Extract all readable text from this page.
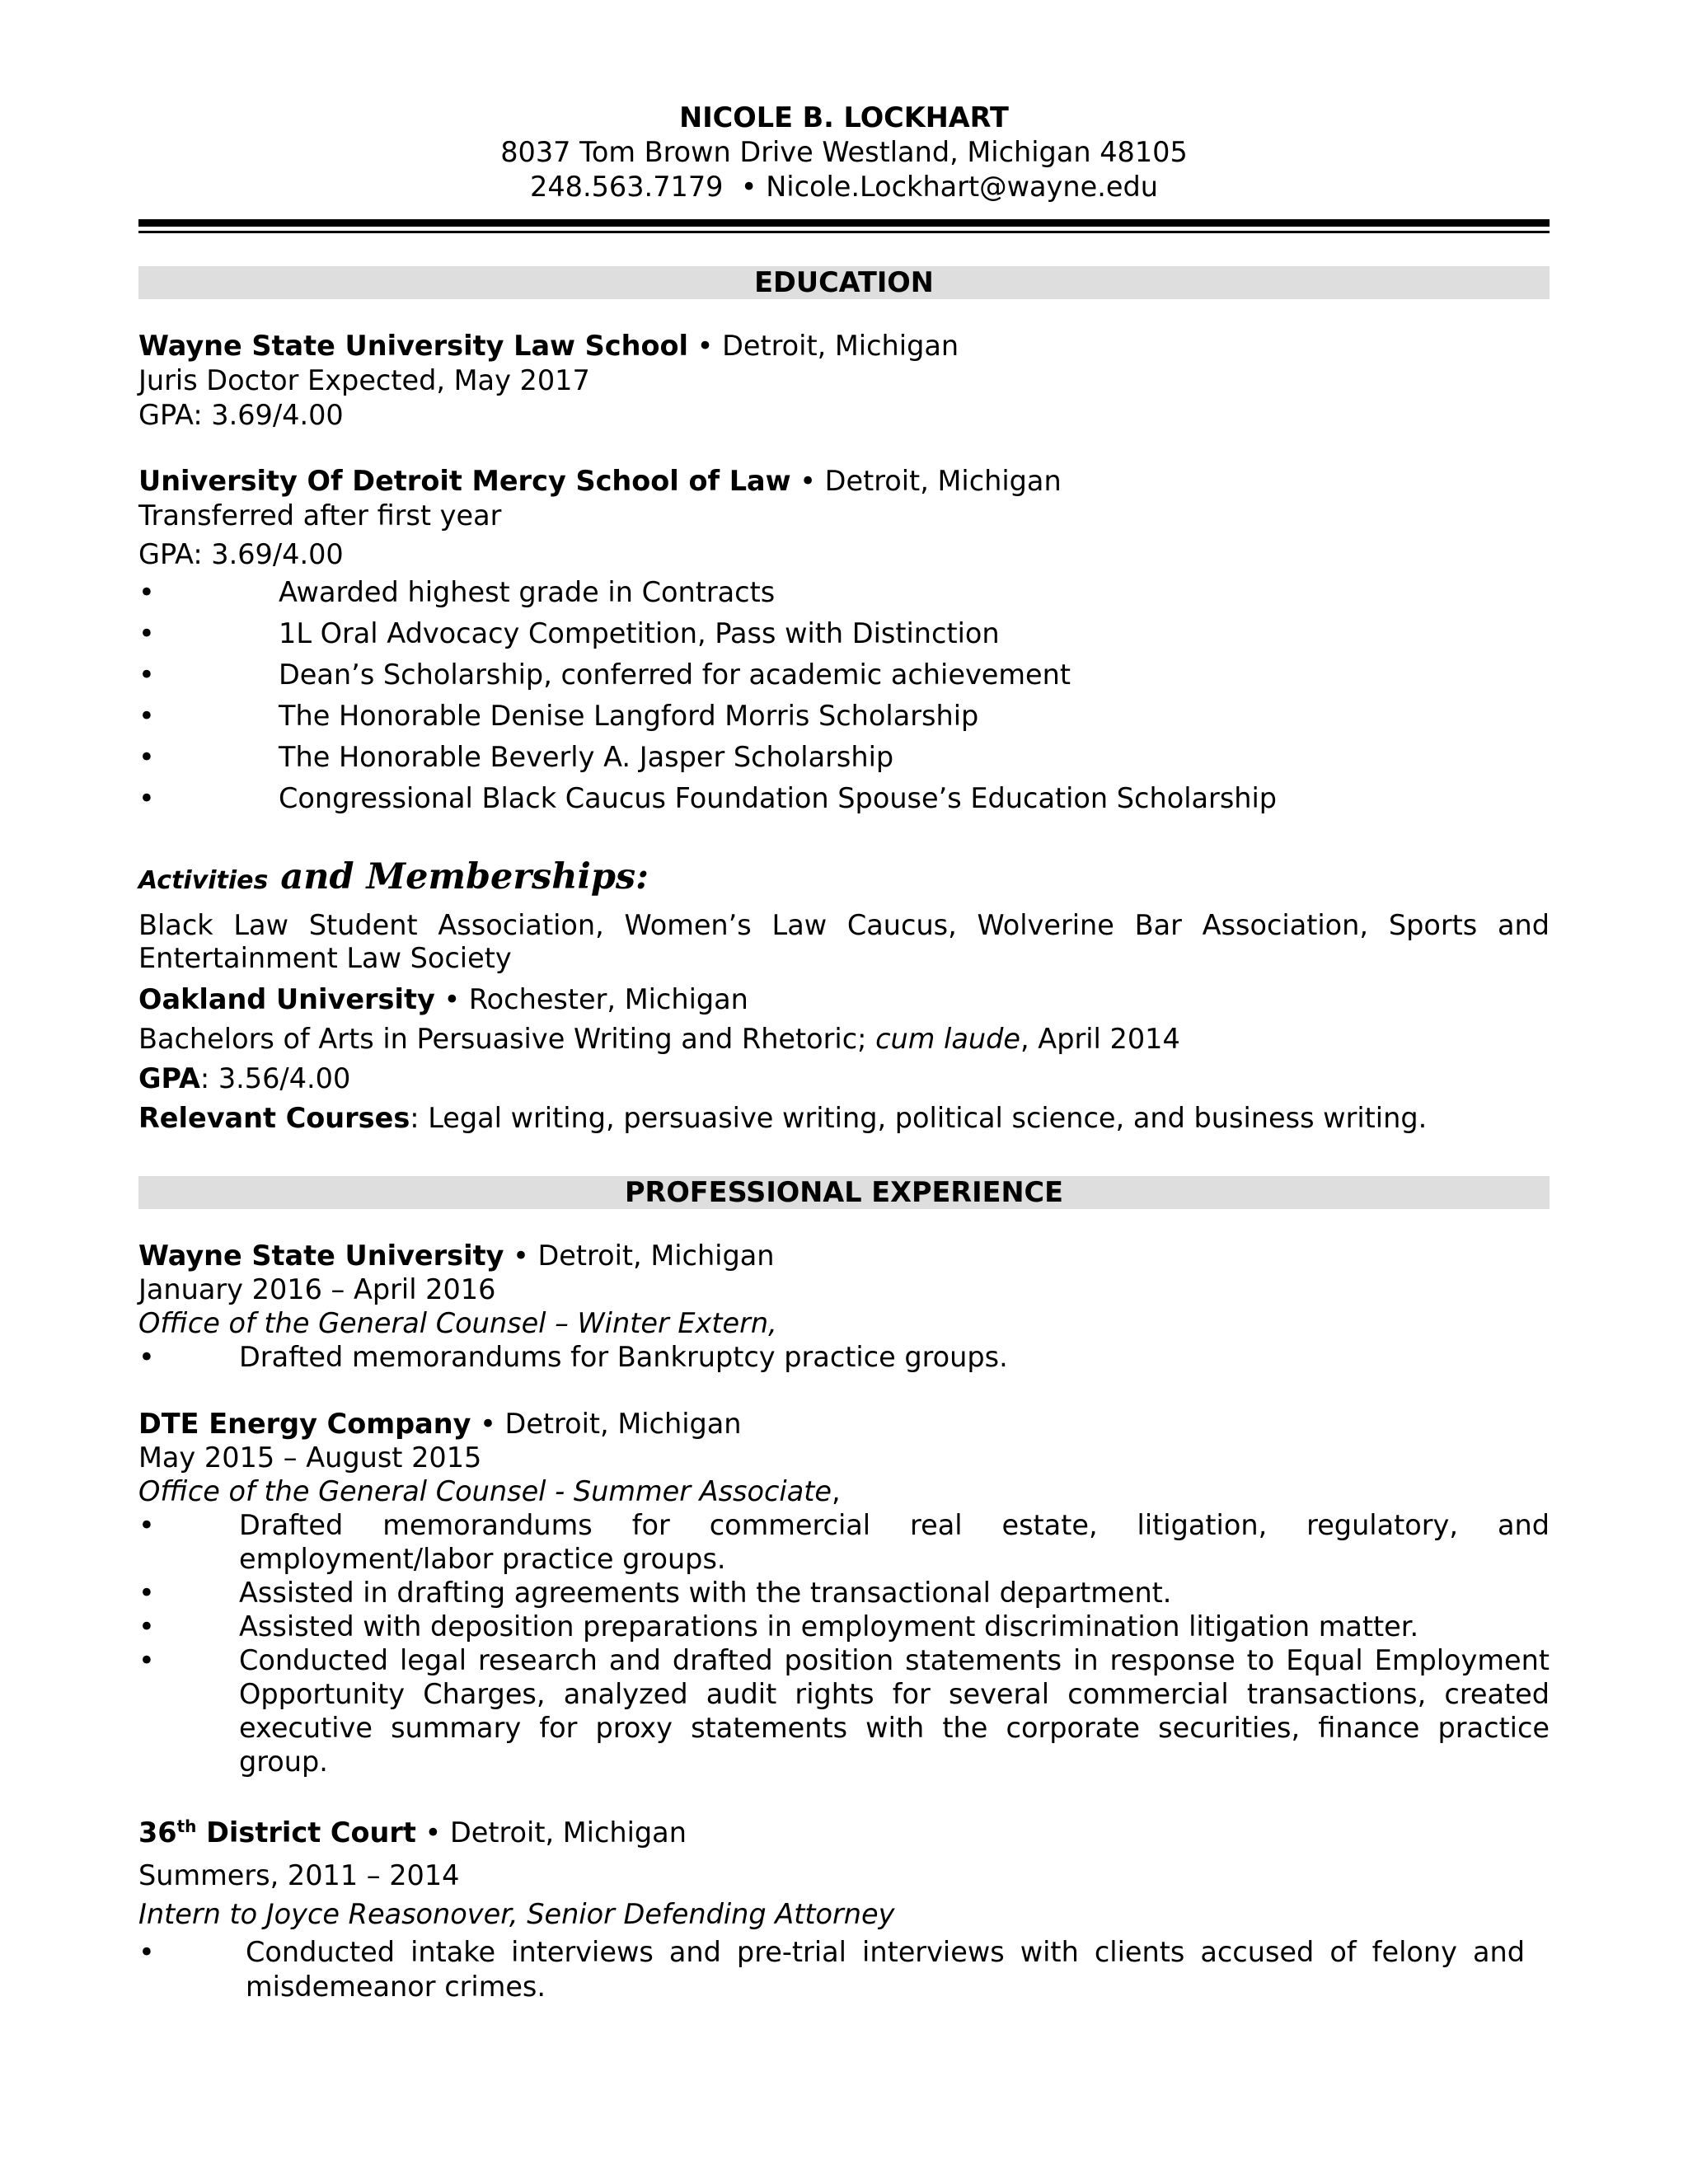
NICOLE B. LOCKHART
8037 Tom Brown Drive Westland, Michigan 48105
248.563.7179 • Nicole.Lockhart@wayne.edu
EDUCATION
Wayne State University Law School • Detroit, Michigan
Juris Doctor Expected, May 2017
GPA: 3.69/4.00
University Of Detroit Mercy School of Law • Detroit, Michigan
Transferred after first year
GPA: 3.69/4.00
•	Awarded highest grade in Contracts
•	1L Oral Advocacy Competition, Pass with Distinction
•	Dean’s Scholarship, conferred for academic achievement
•	The Honorable Denise Langford Morris Scholarship
•	The Honorable Beverly A. Jasper Scholarship
•	Congressional Black Caucus Foundation Spouse’s Education Scholarship
Activities and Memberships:
Black Law Student Association, Women’s Law Caucus, Wolverine Bar Association, Sports and
Entertainment Law Society
Oakland University • Rochester, Michigan
Bachelors of Arts in Persuasive Writing and Rhetoric; cum laude, April 2014
GPA: 3.56/4.00
Relevant Courses: Legal writing, persuasive writing, political science, and business writing.
PROFESSIONAL EXPERIENCE
Wayne State University • Detroit, Michigan
January 2016 – April 2016
Office of the General Counsel – Winter Extern,
•	Drafted memorandums for Bankruptcy practice groups.
DTE Energy Company • Detroit, Michigan
May 2015 – August 2015
Office of the General Counsel - Summer Associate,
•	Drafted memorandums for commercial real estate, litigation, regulatory, and employment/labor practice groups.
•	Assisted in drafting agreements with the transactional department.
•	Assisted with deposition preparations in employment discrimination litigation matter.
•	Conducted legal research and drafted position statements in response to Equal Employment Opportunity Charges, analyzed audit rights for several commercial transactions, created executive summary for proxy statements with the corporate securities, finance practice group.
36th District Court • Detroit, Michigan
Summers, 2011 – 2014
Intern to Joyce Reasonover, Senior Defending Attorney
•	Conducted intake interviews and pre-trial interviews with clients accused of felony and misdemeanor crimes.
